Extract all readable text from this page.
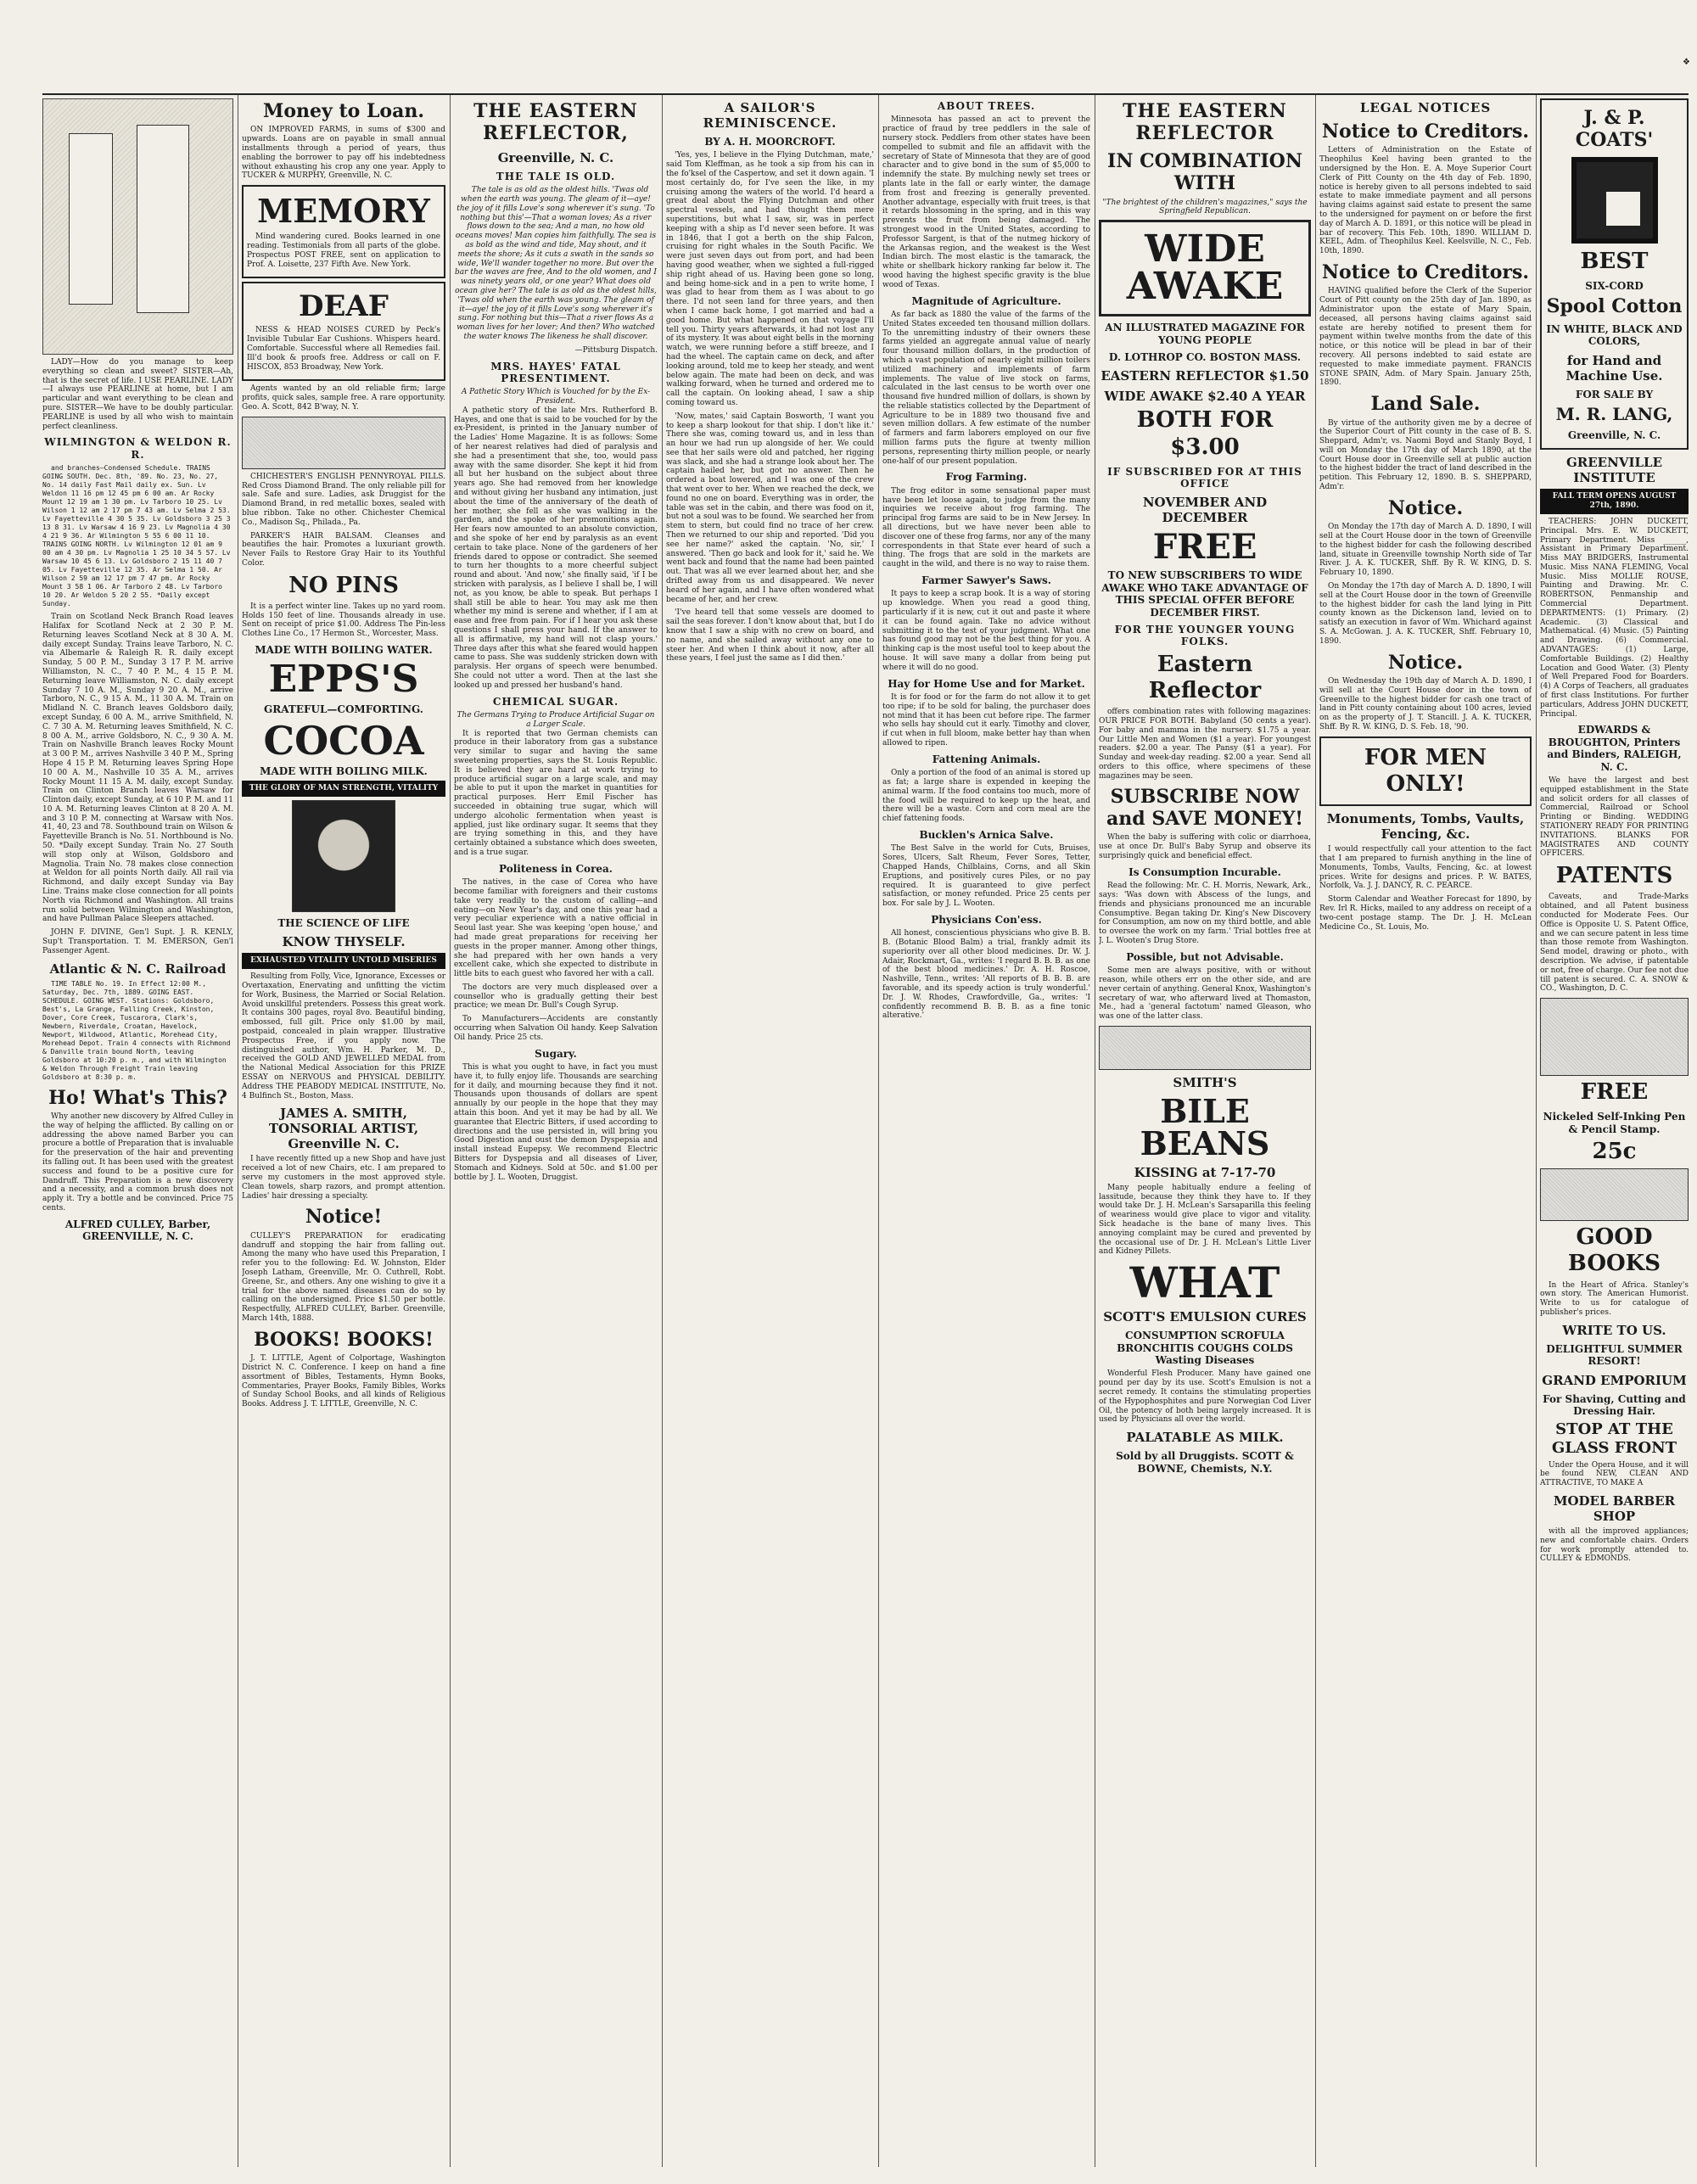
❖

LADY—How do you manage to keep everything so clean and sweet? SISTER—Ah, that is the secret of life. I USE PEARLINE. LADY—I always use PEARLINE at home, but I am particular and want everything to be clean and pure. SISTER—We have to be doubly particular. PEARLINE is used by all who wish to maintain perfect cleanliness.

WILMINGTON & WELDON R. R.

and branches—Condensed Schedule. TRAINS GOING SOUTH. Dec. 8th, '89. No. 23, No. 27, No. 14 daily Fast Mail daily ex. Sun. Lv Weldon 11 16 pm 12 45 pm 6 00 am. Ar Rocky Mount 12 19 am 1 30 pm. Lv Tarboro 10 25. Lv Wilson 1 12 am 2 17 pm 7 43 am. Lv Selma 2 53. Lv Fayetteville 4 30 5 35. Lv Goldsboro 3 25 3 13 8 31. Lv Warsaw 4 16 9 23. Lv Magnolia 4 30 4 21 9 36. Ar Wilmington 5 55 6 00 11 10. TRAINS GOING NORTH. Lv Wilmington 12 01 am 9 00 am 4 30 pm. Lv Magnolia 1 25 10 34 5 57. Lv Warsaw 10 45 6 13. Lv Goldsboro 2 15 11 40 7 05. Lv Fayetteville 12 35. Ar Selma 1 50. Ar Wilson 2 59 am 12 17 pm 7 47 pm. Ar Rocky Mount 3 58 1 06. Ar Tarboro 2 48. Lv Tarboro 10 20. Ar Weldon 5 20 2 55. *Daily except Sunday.

Train on Scotland Neck Branch Road leaves Halifax for Scotland Neck at 2 30 P. M. Returning leaves Scotland Neck at 8 30 A. M. daily except Sunday. Trains leave Tarboro, N. C. via Albemarle & Raleigh R. R. daily except Sunday, 5 00 P. M., Sunday 3 17 P. M. arrive Williamston, N. C., 7 40 P. M., 4 15 P. M. Returning leave Williamston, N. C. daily except Sunday 7 10 A. M., Sunday 9 20 A. M., arrive Tarboro, N. C., 9 15 A. M., 11 30 A. M. Train on Midland N. C. Branch leaves Goldsboro daily, except Sunday, 6 00 A. M., arrive Smithfield, N. C. 7 30 A. M. Returning leaves Smithfield, N. C. 8 00 A. M., arrive Goldsboro, N. C., 9 30 A. M. Train on Nashville Branch leaves Rocky Mount at 3 00 P. M., arrives Nashville 3 40 P. M., Spring Hope 4 15 P. M. Returning leaves Spring Hope 10 00 A. M., Nashville 10 35 A. M., arrives Rocky Mount 11 15 A. M. daily, except Sunday. Train on Clinton Branch leaves Warsaw for Clinton daily, except Sunday, at 6 10 P. M. and 11 10 A. M. Returning leaves Clinton at 8 20 A. M. and 3 10 P. M. connecting at Warsaw with Nos. 41, 40, 23 and 78. Southbound train on Wilson & Fayetteville Branch is No. 51. Northbound is No. 50. *Daily except Sunday. Train No. 27 South will stop only at Wilson, Goldsboro and Magnolia. Train No. 78 makes close connection at Weldon for all points North daily. All rail via Richmond, and daily except Sunday via Bay Line. Trains make close connection for all points North via Richmond and Washington. All trains run solid between Wilmington and Washington, and have Pullman Palace Sleepers attached.

JOHN F. DIVINE, Gen'l Supt. J. R. KENLY, Sup't Transportation. T. M. EMERSON, Gen'l Passenger Agent.

Atlantic & N. C. Railroad

TIME TABLE No. 19. In Effect 12:00 M., Saturday, Dec. 7th, 1889. GOING EAST. SCHEDULE. GOING WEST. Stations: Goldsboro, Best's, La Grange, Falling Creek, Kinston, Dover, Core Creek, Tuscarora, Clark's, Newbern, Riverdale, Croatan, Havelock, Newport, Wildwood, Atlantic, Morehead City, Morehead Depot. Train 4 connects with Richmond & Danville train bound North, leaving Goldsboro at 10:20 p. m., and with Wilmington & Weldon Through Freight Train leaving Goldsboro at 8:30 p. m.

Ho! What's This?

Why another new discovery by Alfred Culley in the way of helping the afflicted. By calling on or addressing the above named Barber you can procure a bottle of Preparation that is invaluable for the preservation of the hair and preventing its falling out. It has been used with the greatest success and found to be a positive cure for Dandruff. This Preparation is a new discovery and a necessity, and a common brush does not apply it. Try a bottle and be convinced. Price 75 cents.

ALFRED CULLEY, Barber, GREENVILLE, N. C.
Money to Loan.

ON IMPROVED FARMS, in sums of $300 and upwards. Loans are on payable in small annual installments through a period of years, thus enabling the borrower to pay off his indebtedness without exhausting his crop any one year. Apply to TUCKER & MURPHY, Greenville, N. C.

MEMORY

Mind wandering cured. Books learned in one reading. Testimonials from all parts of the globe. Prospectus POST FREE, sent on application to Prof. A. Loisette, 237 Fifth Ave. New York.

DEAF

NESS & HEAD NOISES CURED by Peck's Invisible Tubular Ear Cushions. Whispers heard. Comfortable. Successful where all Remedies fail. Ill'd book & proofs free. Address or call on F. HISCOX, 853 Broadway, New York.

Agents wanted by an old reliable firm; large profits, quick sales, sample free. A rare opportunity. Geo. A. Scott, 842 B'way, N. Y.

CHICHESTER'S ENGLISH PENNYROYAL PILLS. Red Cross Diamond Brand. The only reliable pill for sale. Safe and sure. Ladies, ask Druggist for the Diamond Brand, in red metallic boxes, sealed with blue ribbon. Take no other. Chichester Chemical Co., Madison Sq., Philada., Pa.

PARKER'S HAIR BALSAM. Cleanses and beautifies the hair. Promotes a luxuriant growth. Never Fails to Restore Gray Hair to its Youthful Color.

NO PINS

It is a perfect winter line. Takes up no yard room. Holds 150 feet of line. Thousands already in use. Sent on receipt of price $1.00. Address The Pin-less Clothes Line Co., 17 Hermon St., Worcester, Mass.

MADE WITH BOILING WATER.
EPPS'S
GRATEFUL—COMFORTING.
COCOA
MADE WITH BOILING MILK.
THE GLORY OF MAN STRENGTH, VITALITY
THE SCIENCE OF LIFE
KNOW THYSELF.
EXHAUSTED VITALITY UNTOLD MISERIES

Resulting from Folly, Vice, Ignorance, Excesses or Overtaxation, Enervating and unfitting the victim for Work, Business, the Married or Social Relation. Avoid unskillful pretenders. Possess this great work. It contains 300 pages, royal 8vo. Beautiful binding, embossed, full gilt. Price only $1.00 by mail, postpaid, concealed in plain wrapper. Illustrative Prospectus Free, if you apply now. The distinguished author, Wm. H. Parker, M. D., received the GOLD AND JEWELLED MEDAL from the National Medical Association for this PRIZE ESSAY on NERVOUS and PHYSICAL DEBILITY. Address THE PEABODY MEDICAL INSTITUTE, No. 4 Bulfinch St., Boston, Mass.

JAMES A. SMITH, TONSORIAL ARTIST, Greenville N. C.

I have recently fitted up a new Shop and have just received a lot of new Chairs, etc. I am prepared to serve my customers in the most approved style. Clean towels, sharp razors, and prompt attention. Ladies' hair dressing a specialty.

Notice!

CULLEY'S PREPARATION for eradicating dandruff and stopping the hair from falling out. Among the many who have used this Preparation, I refer you to the following: Ed. W. Johnston, Elder Joseph Latham, Greenville, Mr. O. Cuthrell, Robt. Greene, Sr., and others. Any one wishing to give it a trial for the above named diseases can do so by calling on the undersigned. Price $1.50 per bottle. Respectfully, ALFRED CULLEY, Barber. Greenville, March 14th, 1888.

BOOKS! BOOKS!

J. T. LITTLE, Agent of Colportage, Washington District N. C. Conference. I keep on hand a fine assortment of Bibles, Testaments, Hymn Books, Commentaries, Prayer Books, Family Bibles, Works of Sunday School Books, and all kinds of Religious Books. Address J. T. LITTLE, Greenville, N. C.

THE EASTERN REFLECTOR,
Greenville, N. C.
THE TALE IS OLD.

The tale is as old as the oldest hills. 'Twas old when the earth was young. The gleam of it—aye! the joy of it fills Love's song wherever it's sung. 'To nothing but this'—That a woman loves; As a river flows down to the sea; And a man, no how old oceans moves! Man copies him faithfully. The sea is as bold as the wind and tide, May shout, and it meets the shore; As it cuts a swath in the sands so wide, We'll wander together no more. But over the bar the waves are free, And to the old women, and I was ninety years old, or one year? What does old ocean give her? The tale is as old as the oldest hills, 'Twas old when the earth was young. The gleam of it—aye! the joy of it fills Love's song wherever it's sung. For nothing but this—That a river flows As a woman lives for her lover; And then? Who watched the water knows The likeness he shall discover.

—Pittsburg Dispatch.
MRS. HAYES' FATAL PRESENTIMENT.
A Pathetic Story Which is Vouched for by the Ex-President.

A pathetic story of the late Mrs. Rutherford B. Hayes, and one that is said to be vouched for by the ex-President, is printed in the January number of the Ladies' Home Magazine. It is as follows: Some of her nearest relatives had died of paralysis and she had a presentiment that she, too, would pass away with the same disorder. She kept it hid from all but her husband on the subject about three years ago. She had removed from her knowledge and without giving her husband any intimation, just about the time of the anniversary of the death of her mother, she fell as she was walking in the garden, and the spoke of her premonitions again. Her fears now amounted to an absolute conviction, and she spoke of her end by paralysis as an event certain to take place. None of the gardeners of her friends dared to oppose or contradict. She seemed to turn her thoughts to a more cheerful subject round and about. 'And now,' she finally said, 'if I be stricken with paralysis, as I believe I shall be, I will not, as you know, be able to speak. But perhaps I shall still be able to hear. You may ask me then whether my mind is serene and whether, if I am at ease and free from pain. For if I hear you ask these questions I shall press your hand. If the answer to all is affirmative, my hand will not clasp yours.' Three days after this what she feared would happen came to pass. She was suddenly stricken down with paralysis. Her organs of speech were benumbed. She could not utter a word. Then at the last she looked up and pressed her husband's hand.

CHEMICAL SUGAR.
The Germans Trying to Produce Artificial Sugar on a Larger Scale.

It is reported that two German chemists can produce in their laboratory from gas a substance very similar to sugar and having the same sweetening properties, says the St. Louis Republic. It is believed they are hard at work trying to produce artificial sugar on a large scale, and may be able to put it upon the market in quantities for practical purposes. Herr Emil Fischer has succeeded in obtaining true sugar, which will undergo alcoholic fermentation when yeast is applied, just like ordinary sugar. It seems that they are trying something in this, and they have certainly obtained a substance which does sweeten, and is a true sugar.

Politeness in Corea.

The natives, in the case of Corea who have become familiar with foreigners and their customs take very readily to the custom of calling—and eating—on New Year's day, and one this year had a very peculiar experience with a native official in Seoul last year. She was keeping 'open house,' and had made great preparations for receiving her guests in the proper manner. Among other things, she had prepared with her own hands a very excellent cake, which she expected to distribute in little bits to each guest who favored her with a call.

The doctors are very much displeased over a counsellor who is gradually getting their best practice; we mean Dr. Bull's Cough Syrup.

To Manufacturers—Accidents are constantly occurring when Salvation Oil handy. Keep Salvation Oil handy. Price 25 cts.

Sugary.

This is what you ought to have, in fact you must have it, to fully enjoy life. Thousands are searching for it daily, and mourning because they find it not. Thousands upon thousands of dollars are spent annually by our people in the hope that they may attain this boon. And yet it may be had by all. We guarantee that Electric Bitters, if used according to directions and the use persisted in, will bring you Good Digestion and oust the demon Dyspepsia and install instead Eupepsy. We recommend Electric Bitters for Dyspepsia and all diseases of Liver, Stomach and Kidneys. Sold at 50c. and $1.00 per bottle by J. L. Wooten, Druggist.

A SAILOR'S REMINISCENCE.
BY A. H. MOORCROFT.

'Yes, yes, I believe in the Flying Dutchman, mate,' said Tom Kleffman, as he took a sip from his can in the fo'ksel of the Caspertow, and set it down again. 'I most certainly do, for I've seen the like, in my cruising among the waters of the world. I'd heard a great deal about the Flying Dutchman and other spectral vessels, and had thought them mere superstitions, but what I saw, sir, was in perfect keeping with a ship as I'd never seen before. It was in 1846, that I got a berth on the ship Falcon, cruising for right whales in the South Pacific. We were just seven days out from port, and had been having good weather, when we sighted a full-rigged ship right ahead of us. Having been gone so long, and being home-sick and in a pen to write home, I was glad to hear from them as I was about to go there. I'd not seen land for three years, and then when I came back home, I got married and had a good home. But what happened on that voyage I'll tell you. Thirty years afterwards, it had not lost any of its mystery. It was about eight bells in the morning watch, we were running before a stiff breeze, and I had the wheel. The captain came on deck, and after looking around, told me to keep her steady, and went below again. The mate had been on deck, and was walking forward, when he turned and ordered me to call the captain. On looking ahead, I saw a ship coming toward us.

'Now, mates,' said Captain Bosworth, 'I want you to keep a sharp lookout for that ship. I don't like it.' There she was, coming toward us, and in less than an hour we had run up alongside of her. We could see that her sails were old and patched, her rigging was slack, and she had a strange look about her. The captain hailed her, but got no answer. Then he ordered a boat lowered, and I was one of the crew that went over to her. When we reached the deck, we found no one on board. Everything was in order, the table was set in the cabin, and there was food on it, but not a soul was to be found. We searched her from stem to stern, but could find no trace of her crew. Then we returned to our ship and reported. 'Did you see her name?' asked the captain. 'No, sir,' I answered. 'Then go back and look for it,' said he. We went back and found that the name had been painted out. That was all we ever learned about her, and she drifted away from us and disappeared. We never heard of her again, and I have often wondered what became of her, and her crew.

'I've heard tell that some vessels are doomed to sail the seas forever. I don't know about that, but I do know that I saw a ship with no crew on board, and no name, and she sailed away without any one to steer her. And when I think about it now, after all these years, I feel just the same as I did then.'

ABOUT TREES.

Minnesota has passed an act to prevent the practice of fraud by tree peddlers in the sale of nursery stock. Peddlers from other states have been compelled to submit and file an affidavit with the secretary of State of Minnesota that they are of good character and to give bond in the sum of $5,000 to indemnify the state. By mulching newly set trees or plants late in the fall or early winter, the damage from frost and freezing is generally prevented. Another advantage, especially with fruit trees, is that it retards blossoming in the spring, and in this way prevents the fruit from being damaged. The strongest wood in the United States, according to Professor Sargent, is that of the nutmeg hickory of the Arkansas region, and the weakest is the West Indian birch. The most elastic is the tamarack, the white or shellbark hickory ranking far below it. The wood having the highest specific gravity is the blue wood of Texas.

Magnitude of Agriculture.

As far back as 1880 the value of the farms of the United States exceeded ten thousand million dollars. To the unremitting industry of their owners these farms yielded an aggregate annual value of nearly four thousand million dollars, in the production of which a vast population of nearly eight million toilers utilized machinery and implements of farm implements. The value of live stock on farms, calculated in the last census to be worth over one thousand five hundred million of dollars, is shown by the reliable statistics collected by the Department of Agriculture to be in 1889 two thousand five and seven million dollars. A few estimate of the number of farmers and farm laborers employed on our five million farms puts the figure at twenty million persons, representing thirty million people, or nearly one-half of our present population.

Frog Farming.

The frog editor in some sensational paper must have been let loose again, to judge from the many inquiries we receive about frog farming. The principal frog farms are said to be in New Jersey. In all directions, but we have never been able to discover one of these frog farms, nor any of the many correspondents in that State ever heard of such a thing. The frogs that are sold in the markets are caught in the wild, and there is no way to raise them.

Farmer Sawyer's Saws.

It pays to keep a scrap book. It is a way of storing up knowledge. When you read a good thing, particularly if it is new, cut it out and paste it where it can be found again. Take no advice without submitting it to the test of your judgment. What one has found good may not be the best thing for you. A thinking cap is the most useful tool to keep about the house. It will save many a dollar from being put where it will do no good.

Hay for Home Use and for Market.

It is for food or for the farm do not allow it to get too ripe; if to be sold for baling, the purchaser does not mind that it has been cut before ripe. The farmer who sells hay should cut it early. Timothy and clover, if cut when in full bloom, make better hay than when allowed to ripen.

Fattening Animals.

Only a portion of the food of an animal is stored up as fat; a large share is expended in keeping the animal warm. If the food contains too much, more of the food will be required to keep up the heat, and there will be a waste. Corn and corn meal are the chief fattening foods.

Bucklen's Arnica Salve.

The Best Salve in the world for Cuts, Bruises, Sores, Ulcers, Salt Rheum, Fever Sores, Tetter, Chapped Hands, Chilblains, Corns, and all Skin Eruptions, and positively cures Piles, or no pay required. It is guaranteed to give perfect satisfaction, or money refunded. Price 25 cents per box. For sale by J. L. Wooten.

Physicians Con'ess.

All honest, conscientious physicians who give B. B. B. (Botanic Blood Balm) a trial, frankly admit its superiority over all other blood medicines. Dr. W. J. Adair, Rockmart, Ga., writes: 'I regard B. B. B. as one of the best blood medicines.' Dr. A. H. Roscoe, Nashville, Tenn., writes: 'All reports of B. B. B. are favorable, and its speedy action is truly wonderful.' Dr. J. W. Rhodes, Crawfordville, Ga., writes: 'I confidently recommend B. B. B. as a fine tonic alterative.'

THE EASTERN REFLECTOR
IN COMBINATION WITH
"The brightest of the children's magazines," says the Springfield Republican.
WIDE AWAKE
AN ILLUSTRATED MAGAZINE FOR YOUNG PEOPLE
D. LOTHROP CO. BOSTON MASS.
EASTERN REFLECTOR $1.50
WIDE AWAKE $2.40 A YEAR
BOTH FOR $3.00
IF SUBSCRIBED FOR AT THIS OFFICE
NOVEMBER AND DECEMBER
FREE
TO NEW SUBSCRIBERS TO WIDE AWAKE WHO TAKE ADVANTAGE OF THIS SPECIAL OFFER BEFORE DECEMBER FIRST.
FOR THE YOUNGER YOUNG FOLKS.
Eastern Reflector

offers combination rates with following magazines: OUR PRICE FOR BOTH. Babyland (50 cents a year). For baby and mamma in the nursery. $1.75 a year. Our Little Men and Women ($1 a year). For youngest readers. $2.00 a year. The Pansy ($1 a year). For Sunday and week-day reading. $2.00 a year. Send all orders to this office, where specimens of these magazines may be seen.

SUBSCRIBE NOW and SAVE MONEY!

When the baby is suffering with colic or diarrhoea, use at once Dr. Bull's Baby Syrup and observe its surprisingly quick and beneficial effect.

Is Consumption Incurable.

Read the following: Mr. C. H. Morris, Newark, Ark., says: 'Was down with Abscess of the lungs, and friends and physicians pronounced me an incurable Consumptive. Began taking Dr. King's New Discovery for Consumption, am now on my third bottle, and able to oversee the work on my farm.' Trial bottles free at J. L. Wooten's Drug Store.

Possible, but not Advisable.

Some men are always positive, with or without reason, while others err on the other side, and are never certain of anything. General Knox, Washington's secretary of war, who afterward lived at Thomaston, Me., had a 'general factotum' named Gleason, who was one of the latter class.

SMITH'S
BILE BEANS
KISSING at 7-17-70

Many people habitually endure a feeling of lassitude, because they think they have to. If they would take Dr. J. H. McLean's Sarsaparilla this feeling of weariness would give place to vigor and vitality. Sick headache is the bane of many lives. This annoying complaint may be cured and prevented by the occasional use of Dr. J. H. McLean's Little Liver and Kidney Pillets.

WHAT
SCOTT'S EMULSION CURES
CONSUMPTION SCROFULA BRONCHITIS COUGHS COLDS Wasting Diseases

Wonderful Flesh Producer. Many have gained one pound per day by its use. Scott's Emulsion is not a secret remedy. It contains the stimulating properties of the Hypophosphites and pure Norwegian Cod Liver Oil, the potency of both being largely increased. It is used by Physicians all over the world.

PALATABLE AS MILK.
Sold by all Druggists. SCOTT & BOWNE, Chemists, N.Y.
LEGAL NOTICES
Notice to Creditors.

Letters of Administration on the Estate of Theophilus Keel having been granted to the undersigned by the Hon. E. A. Moye Superior Court Clerk of Pitt County on the 4th day of Feb. 1890, notice is hereby given to all persons indebted to said estate to make immediate payment and all persons having claims against said estate to present the same to the undersigned for payment on or before the first day of March A. D. 1891, or this notice will be plead in bar of recovery. This Feb. 10th, 1890. WILLIAM D. KEEL, Adm. of Theophilus Keel. Keelsville, N. C., Feb. 10th, 1890.

Notice to Creditors.

HAVING qualified before the Clerk of the Superior Court of Pitt county on the 25th day of Jan. 1890, as Administrator upon the estate of Mary Spain, deceased, all persons having claims against said estate are hereby notified to present them for payment within twelve months from the date of this notice, or this notice will be plead in bar of their recovery. All persons indebted to said estate are requested to make immediate payment. FRANCIS STONE SPAIN, Adm. of Mary Spain. January 25th, 1890.

Land Sale.

By virtue of the authority given me by a decree of the Superior Court of Pitt county in the case of B. S. Sheppard, Adm'r, vs. Naomi Boyd and Stanly Boyd, I will on Monday the 17th day of March 1890, at the Court House door in Greenville sell at public auction to the highest bidder the tract of land described in the petition. This February 12, 1890. B. S. SHEPPARD, Adm'r.

Notice.

On Monday the 17th day of March A. D. 1890, I will sell at the Court House door in the town of Greenville to the highest bidder for cash the following described land, situate in Greenville township North side of Tar River. J. A. K. TUCKER, Shff. By R. W. KING, D. S. February 10, 1890.

On Monday the 17th day of March A. D. 1890, I will sell at the Court House door in the town of Greenville to the highest bidder for cash the land lying in Pitt county known as the Dickenson land, levied on to satisfy an execution in favor of Wm. Whichard against S. A. McGowan. J. A. K. TUCKER, Shff. February 10, 1890.

Notice.

On Wednesday the 19th day of March A. D. 1890, I will sell at the Court House door in the town of Greenville to the highest bidder for cash one tract of land in Pitt county containing about 100 acres, levied on as the property of J. T. Stancill. J. A. K. TUCKER, Shff. By R. W. KING, D. S. Feb. 18, '90.

FOR MEN ONLY!
Monuments, Tombs, Vaults, Fencing, &c.

I would respectfully call your attention to the fact that I am prepared to furnish anything in the line of Monuments, Tombs, Vaults, Fencing, &c. at lowest prices. Write for designs and prices. P. W. BATES, Norfolk, Va. J. J. DANCY, R. C. PEARCE.

Storm Calendar and Weather Forecast for 1890, by Rev. Irl R. Hicks, mailed to any address on receipt of a two-cent postage stamp. The Dr. J. H. McLean Medicine Co., St. Louis, Mo.

J. & P. COATS'
BEST
SIX-CORD
Spool Cotton
IN WHITE, BLACK AND COLORS,
for Hand and Machine Use.
FOR SALE BY
M. R. LANG,
Greenville, N. C.
GREENVILLE INSTITUTE
FALL TERM OPENS AUGUST 27th, 1890.

TEACHERS: JOHN DUCKETT, Principal. Mrs. E. W. DUCKETT, Primary Department. Miss ______, Assistant in Primary Department. Miss MAY BRIDGERS, Instrumental Music. Miss NANA FLEMING, Vocal Music. Miss MOLLIE ROUSE, Painting and Drawing. Mr. C. ROBERTSON, Penmanship and Commercial Department. DEPARTMENTS: (1) Primary. (2) Academic. (3) Classical and Mathematical. (4) Music. (5) Painting and Drawing. (6) Commercial. ADVANTAGES: (1) Large, Comfortable Buildings. (2) Healthy Location and Good Water. (3) Plenty of Well Prepared Food for Boarders. (4) A Corps of Teachers, all graduates of first class Institutions. For further particulars, Address JOHN DUCKETT, Principal.

EDWARDS & BROUGHTON, Printers and Binders, RALEIGH, N. C.

We have the largest and best equipped establishment in the State and solicit orders for all classes of Commercial, Railroad or School Printing or Binding. WEDDING STATIONERY READY FOR PRINTING INVITATIONS. BLANKS FOR MAGISTRATES AND COUNTY OFFICERS.

PATENTS

Caveats, and Trade-Marks obtained, and all Patent business conducted for Moderate Fees. Our Office is Opposite U. S. Patent Office, and we can secure patent in less time than those remote from Washington. Send model, drawing or photo., with description. We advise, if patentable or not, free of charge. Our fee not due till patent is secured. C. A. SNOW & CO., Washington, D. C.

FREE
Nickeled Self-Inking Pen & Pencil Stamp.
25c
GOOD BOOKS

In the Heart of Africa. Stanley's own story. The American Humorist. Write to us for catalogue of publisher's prices.

WRITE TO US.
DELIGHTFUL SUMMER RESORT!
GRAND EMPORIUM
For Shaving, Cutting and Dressing Hair.
STOP AT THE GLASS FRONT

Under the Opera House, and it will be found NEW, CLEAN AND ATTRACTIVE, TO MAKE A

MODEL BARBER SHOP

with all the improved appliances; new and comfortable chairs. Orders for work promptly attended to. CULLEY & EDMONDS.
